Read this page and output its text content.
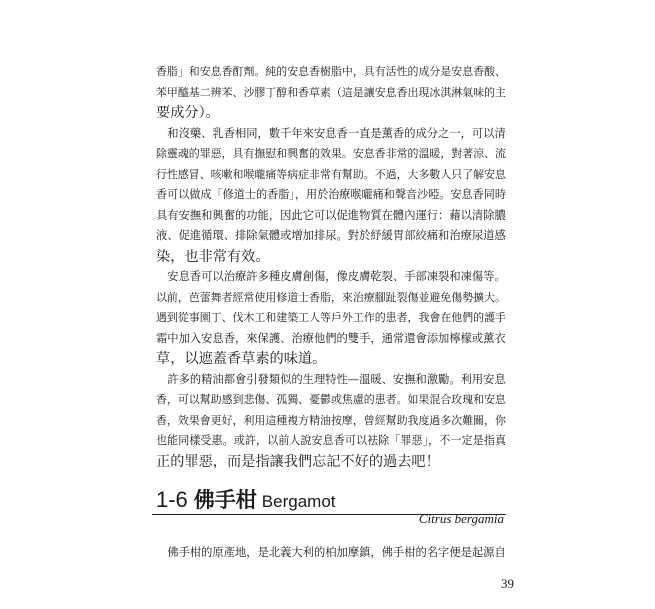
香脂」和安息香酊劑。純的安息香樹脂中，具有活性的成分是安息香酸、
苯甲醯基二辨苯、沙膠丁醇和香草素（這是讓安息香出現冰淇淋氣味的主
要成分）。
　和沒藥、乳香相同，數千年來安息香一直是薰香的成分之一，可以清
除靈魂的罪惡，具有撫慰和興奮的效果。安息香非常的溫暖，對著涼、流
行性感冒、咳嗽和喉嚨痛等病症非常有幫助。不過，大多數人只了解安息
香可以做成「修道士的香脂」，用於治療喉嚨痛和聲音沙啞。安息香同時
具有安撫和興奮的功能，因此它可以促進物質在體內運行：藉以清除膿
液、促進循環、排除氣體或增加排尿。對於紓緩胃部絞痛和治療尿道感
染，也非常有效。
　安息香可以治療許多種皮膚創傷，像皮膚乾裂、手部凍裂和凍傷等。
以前，芭蕾舞者經常使用修道士香脂，來治療腳趾裂傷並避免傷勢擴大。
遇到從事園丁、伐木工和建築工人等戶外工作的患者，我會在他們的護手
霜中加入安息香，來保護、治療他們的雙手，通常還會添加檸檬或薰衣
草，以遮蓋香草素的味道。
　許多的精油都會引發類似的生理特性—溫暖、安撫和激勵。利用安息
香，可以幫助感到悲傷、孤獨、憂鬱或焦慮的患者。如果混合玫瑰和安息
香，效果會更好，利用這種複方精油按摩，曾經幫助我度過多次難關，你
也能同樣受惠。或許，以前人說安息香可以袪除「罪惡」，不一定是指真
正的罪惡，而是指讓我們忘記不好的過去吧！
1-6 佛手柑 Bergamot
Citrus bergamia
　佛手柑的原產地，是北義大利的柏加摩鎮，佛手柑的名字便是起源自
39
